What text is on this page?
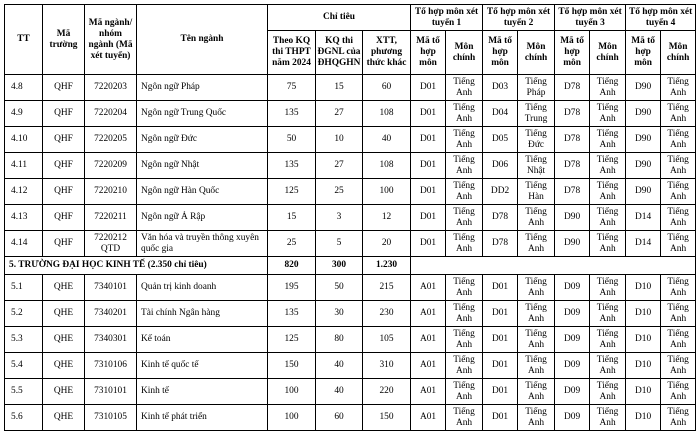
TT	Mã trường	Mã ngành/ nhóm ngành (Mã xét tuyển)	Tên ngành	Chỉ tiêu			Tổ hợp môn xét tuyển 1		Tổ hợp môn xét tuyển 2		Tổ hợp môn xét tuyển 3		Tổ hợp môn xét tuyển 4	
				Theo KQ thi THPT năm 2024	KQ thi ĐGNL của ĐHQGHN	XTT, phương thức khác	Mã tổ hợp môn	Môn chính	Mã tổ hợp môn	Môn chính	Mã tổ hợp môn	Môn chính	Mã tổ hợp môn	Môn chính
4.8	QHF	7220203	Ngôn ngữ Pháp	75	15	60	D01	Tiếng Anh	D03	Tiếng Pháp	D78	Tiếng Anh	D90	Tiếng Anh
4.9	QHF	7220204	Ngôn ngữ Trung Quốc	135	27	108	D01	Tiếng Anh	D04	Tiếng Trung	D78	Tiếng Anh	D90	Tiếng Anh
4.10	QHF	7220205	Ngôn ngữ Đức	50	10	40	D01	Tiếng Anh	D05	Tiếng Đức	D78	Tiếng Anh	D90	Tiếng Anh
4.11	QHF	7220209	Ngôn ngữ Nhật	135	27	108	D01	Tiếng Anh	D06	Tiếng Nhật	D78	Tiếng Anh	D90	Tiếng Anh
4.12	QHF	7220210	Ngôn ngữ Hàn Quốc	125	25	100	D01	Tiếng Anh	DD2	Tiếng Hàn	D78	Tiếng Anh	D90	Tiếng Anh
4.13	QHF	7220211	Ngôn ngữ Ả Rập	15	3	12	D01	Tiếng Anh	D78	Tiếng Anh	D90	Tiếng Anh	D14	Tiếng Anh
4.14	QHF	7220212 QTD	Văn hóa và truyền thông xuyên quốc gia	25	5	20	D01	Tiếng Anh	D78	Tiếng Anh	D90	Tiếng Anh	D14	Tiếng Anh
5. TRƯỜNG ĐẠI HỌC KINH TẾ (2.350 chỉ tiêu)				820	300	1.230								
5.1	QHE	7340101	Quản trị kinh doanh	195	50	215	A01	Tiếng Anh	D01	Tiếng Anh	D09	Tiếng Anh	D10	Tiếng Anh
5.2	QHE	7340201	Tài chính Ngân hàng	135	30	230	A01	Tiếng Anh	D01	Tiếng Anh	D09	Tiếng Anh	D10	Tiếng Anh
5.3	QHE	7340301	Kế toán	125	80	105	A01	Tiếng Anh	D01	Tiếng Anh	D09	Tiếng Anh	D10	Tiếng Anh
5.4	QHE	7310106	Kinh tế quốc tế	150	40	310	A01	Tiếng Anh	D01	Tiếng Anh	D09	Tiếng Anh	D10	Tiếng Anh
5.5	QHE	7310101	Kinh tế	100	40	220	A01	Tiếng Anh	D01	Tiếng Anh	D09	Tiếng Anh	D10	Tiếng Anh
5.6	QHE	7310105	Kinh tế phát triển	100	60	150	A01	Tiếng Anh	D01	Tiếng Anh	D09	Tiếng Anh	D10	Tiếng Anh
